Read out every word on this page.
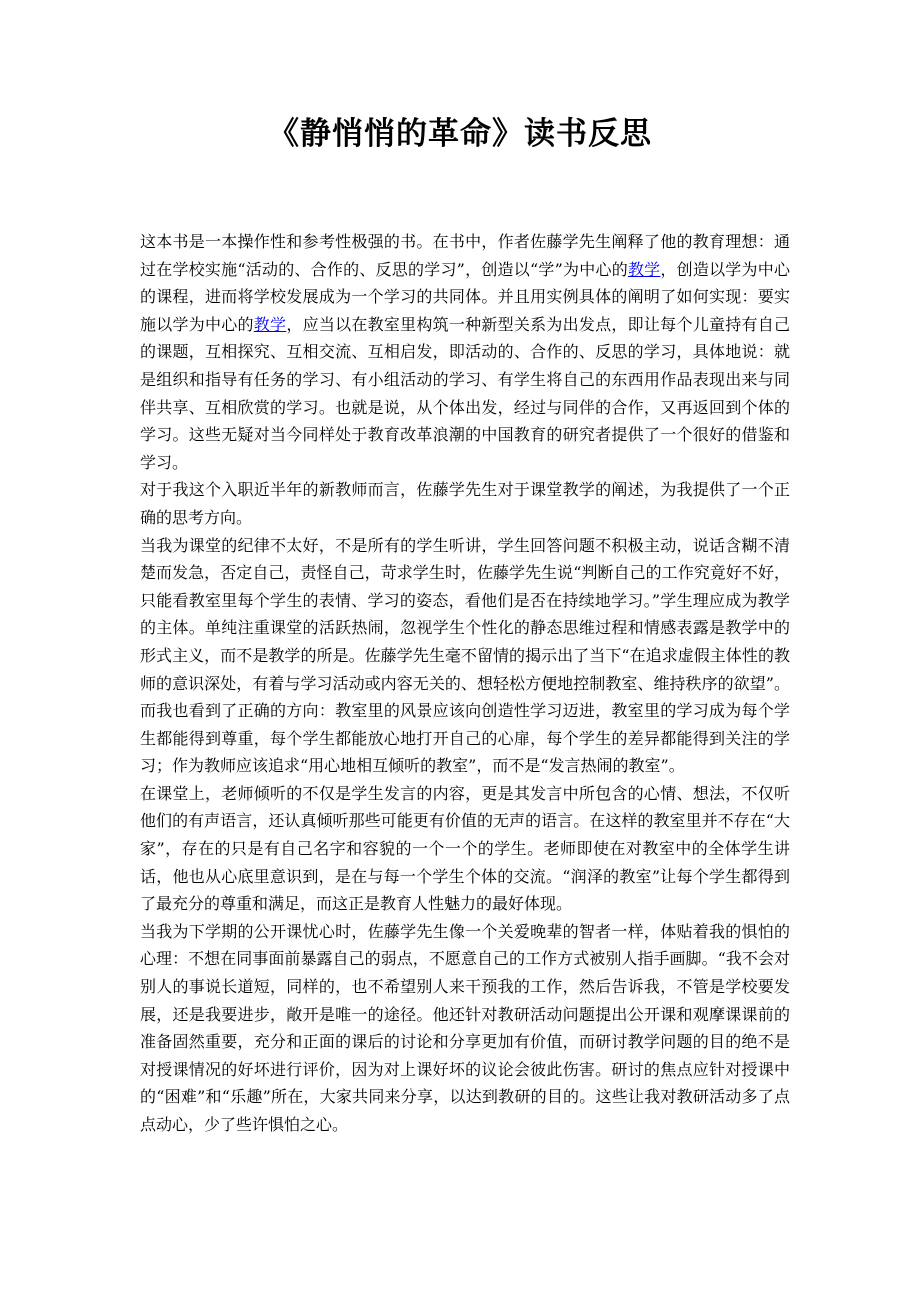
《静悄悄的革命》读书反思

这本书是一本操作性和参考性极强的书。在书中，作者佐藤学先生阐释了他的教育理想：通过在学校实施“活动的、合作的、反思的学习”，创造以“学”为中心的教学，创造以学为中心的课程，进而将学校发展成为一个学习的共同体。并且用实例具体的阐明了如何实现：要实施以学为中心的教学，应当以在教室里构筑一种新型关系为出发点，即让每个儿童持有自己的课题，互相探究、互相交流、互相启发，即活动的、合作的、反思的学习，具体地说：就是组织和指导有任务的学习、有小组活动的学习、有学生将自己的东西用作品表现出来与同伴共享、互相欣赏的学习。也就是说，从个体出发，经过与同伴的合作，又再返回到个体的学习。这些无疑对当今同样处于教育改革浪潮的中国教育的研究者提供了一个很好的借鉴和学习。

对于我这个入职近半年的新教师而言，佐藤学先生对于课堂教学的阐述，为我提供了一个正确的思考方向。

当我为课堂的纪律不太好，不是所有的学生听讲，学生回答问题不积极主动，说话含糊不清楚而发急，否定自己，责怪自己，苛求学生时，佐藤学先生说“判断自己的工作究竟好不好，只能看教室里每个学生的表情、学习的姿态，看他们是否在持续地学习。”学生理应成为教学的主体。单纯注重课堂的活跃热闹，忽视学生个性化的静态思维过程和情感表露是教学中的形式主义，而不是教学的所是。佐藤学先生毫不留情的揭示出了当下“在追求虚假主体性的教师的意识深处，有着与学习活动或内容无关的、想轻松方便地控制教室、维持秩序的欲望”。而我也看到了正确的方向：教室里的风景应该向创造性学习迈进，教室里的学习成为每个学生都能得到尊重，每个学生都能放心地打开自己的心扉，每个学生的差异都能得到关注的学习；作为教师应该追求“用心地相互倾听的教室”，而不是“发言热闹的教室”。

在课堂上，老师倾听的不仅是学生发言的内容，更是其发言中所包含的心情、想法，不仅听他们的有声语言，还认真倾听那些可能更有价值的无声的语言。在这样的教室里并不存在“大家”，存在的只是有自己名字和容貌的一个一个的学生。老师即使在对教室中的全体学生讲话，他也从心底里意识到，是在与每一个学生个体的交流。“润泽的教室”让每个学生都得到了最充分的尊重和满足，而这正是教育人性魅力的最好体现。

当我为下学期的公开课忧心时，佐藤学先生像一个关爱晚辈的智者一样，体贴着我的惧怕的心理：不想在同事面前暴露自己的弱点，不愿意自己的工作方式被别人指手画脚。“我不会对别人的事说长道短，同样的，也不希望别人来干预我的工作，然后告诉我，不管是学校要发展，还是我要进步，敞开是唯一的途径。他还针对教研活动问题提出公开课和观摩课课前的准备固然重要，充分和正面的课后的讨论和分享更加有价值，而研讨教学问题的目的绝不是对授课情况的好坏进行评价，因为对上课好坏的议论会彼此伤害。研讨的焦点应针对授课中的“困难”和“乐趣”所在，大家共同来分享，以达到教研的目的。这些让我对教研活动多了点点动心，少了些许惧怕之心。
